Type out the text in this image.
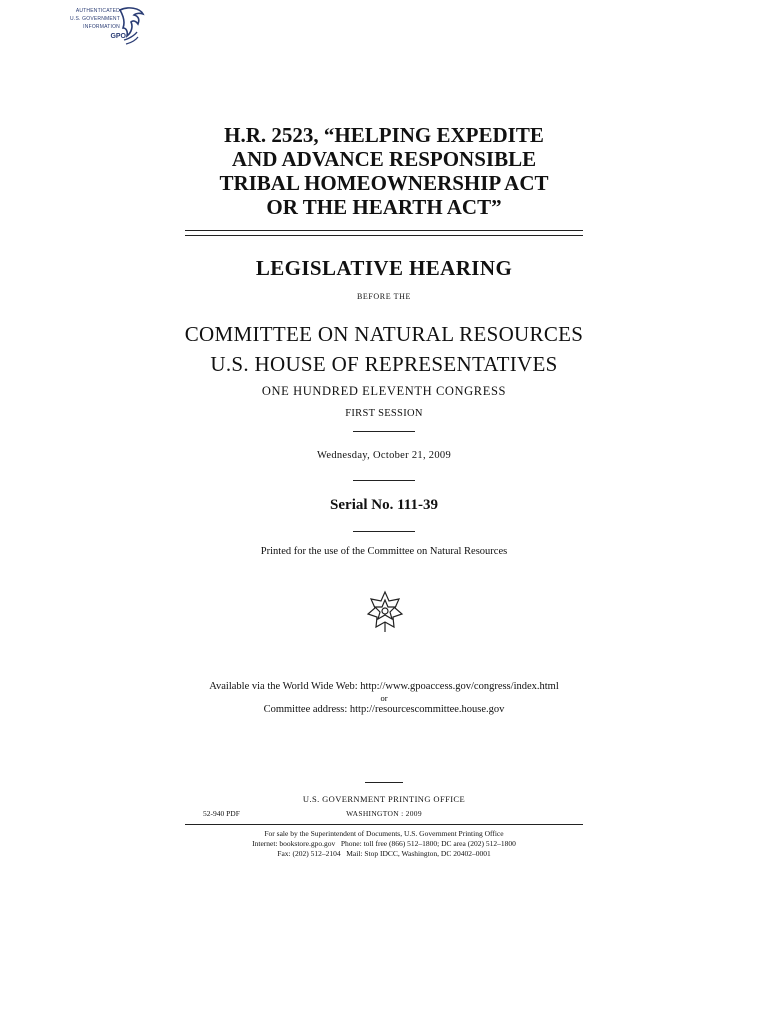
AUTHENTICATED
U.S. GOVERNMENT
INFORMATION
GPO
H.R. 2523, “HELPING EXPEDITE
AND ADVANCE RESPONSIBLE
TRIBAL HOMEOWNERSHIP ACT
OR THE HEARTH ACT”
LEGISLATIVE HEARING
BEFORE THE
COMMITTEE ON NATURAL RESOURCES
U.S. HOUSE OF REPRESENTATIVES
ONE HUNDRED ELEVENTH CONGRESS
FIRST SESSION
Wednesday, October 21, 2009
Serial No. 111-39
Printed for the use of the Committee on Natural Resources
Available via the World Wide Web: http://www.gpoaccess.gov/congress/index.html
or
Committee address: http://resourcescommittee.house.gov
U.S. GOVERNMENT PRINTING OFFICE
52-940 PDF	WASHINGTON : 2009
For sale by the Superintendent of Documents, U.S. Government Printing Office
Internet: bookstore.gpo.gov   Phone: toll free (866) 512–1800; DC area (202) 512–1800
Fax: (202) 512–2104   Mail: Stop IDCC, Washington, DC 20402–0001
